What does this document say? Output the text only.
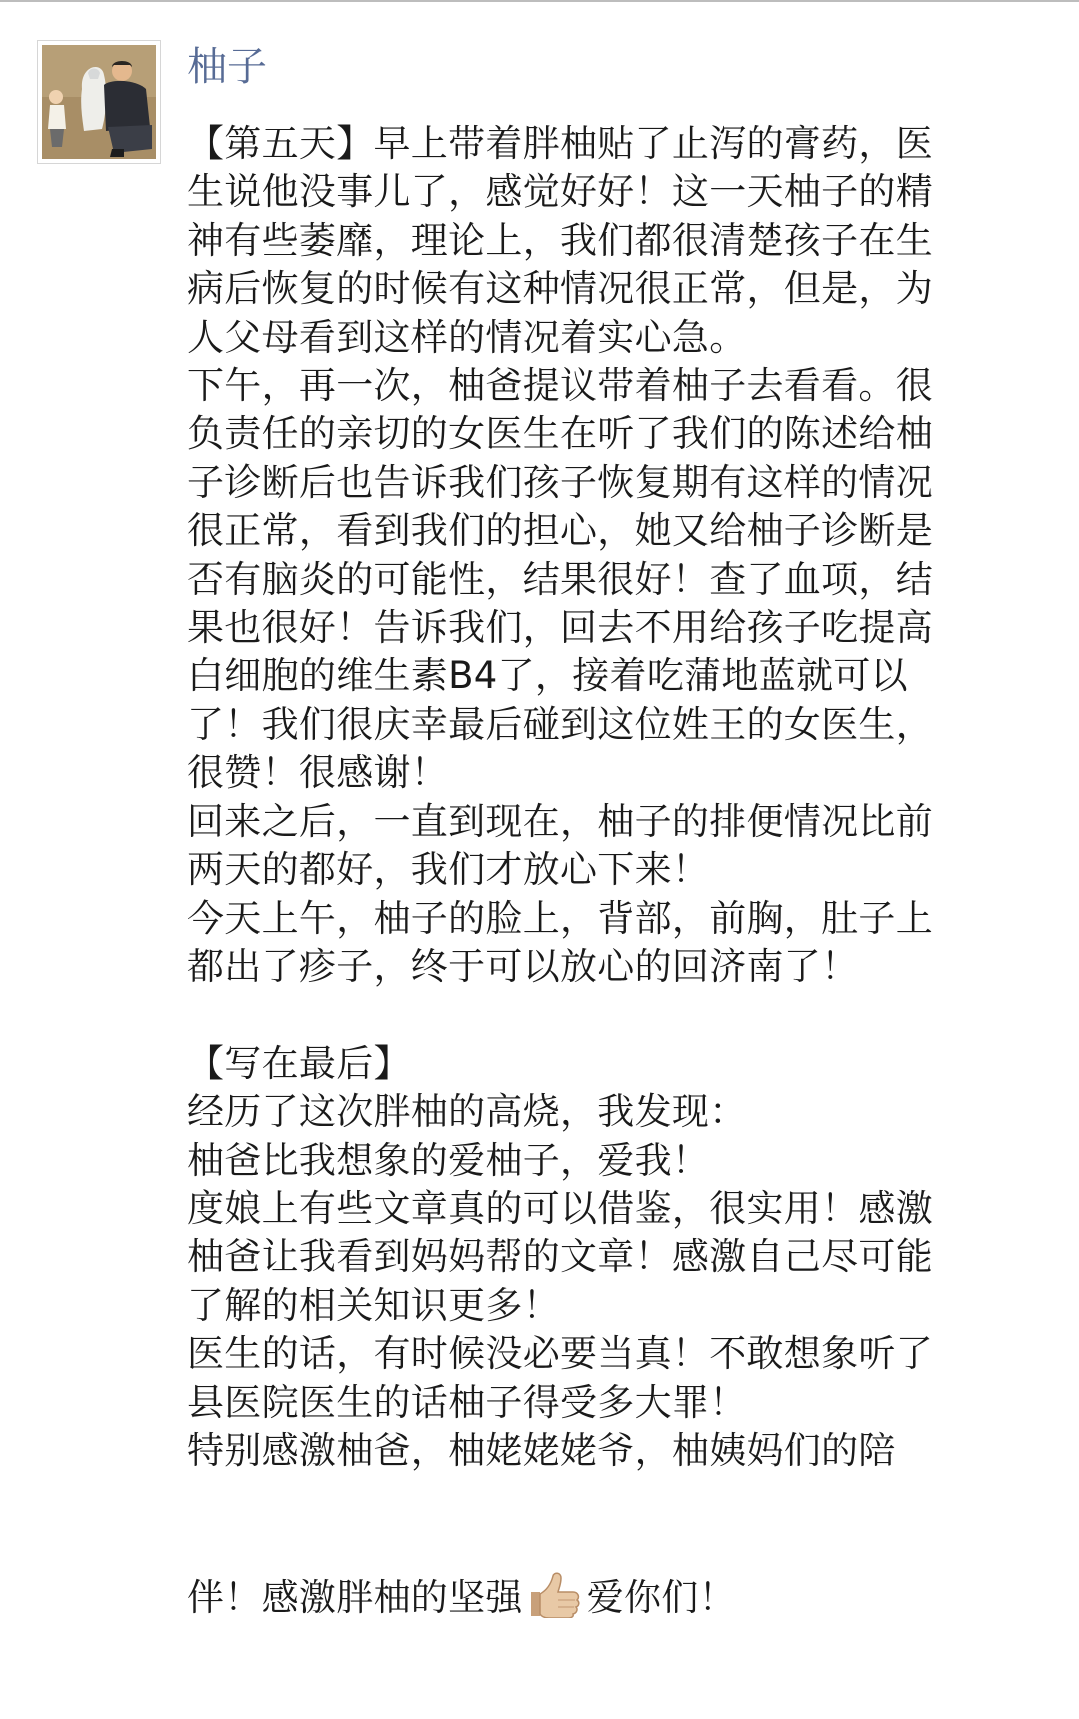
柚子

【第五天】早上带着胖柚贴了止泻的膏药，医
生说他没事儿了，感觉好好！这一天柚子的精
神有些萎靡，理论上，我们都很清楚孩子在生
病后恢复的时候有这种情况很正常，但是，为
人父母看到这样的情况着实心急。

下午，再一次，柚爸提议带着柚子去看看。很
负责任的亲切的女医生在听了我们的陈述给柚
子诊断后也告诉我们孩子恢复期有这样的情况
很正常，看到我们的担心，她又给柚子诊断是
否有脑炎的可能性，结果很好！查了血项，结
果也很好！告诉我们，回去不用给孩子吃提高
白细胞的维生素B4了，接着吃蒲地蓝就可以
了！我们很庆幸最后碰到这位姓王的女医生，
很赞！很感谢！

回来之后，一直到现在，柚子的排便情况比前
两天的都好，我们才放心下来！

今天上午，柚子的脸上，背部，前胸，肚子上
都出了疹子，终于可以放心的回济南了！

【写在最后】
经历了这次胖柚的高烧，我发现：
柚爸比我想象的爱柚子，爱我！
度娘上有些文章真的可以借鉴，很实用！感激
柚爸让我看到妈妈帮的文章！感激自己尽可能
了解的相关知识更多！
医生的话，有时候没必要当真！不敢想象听了
县医院医生的话柚子得受多大罪！
特别感激柚爸，柚姥姥姥爷，柚姨妈们的陪

伴！感激胖柚的坚强 爱你们！
